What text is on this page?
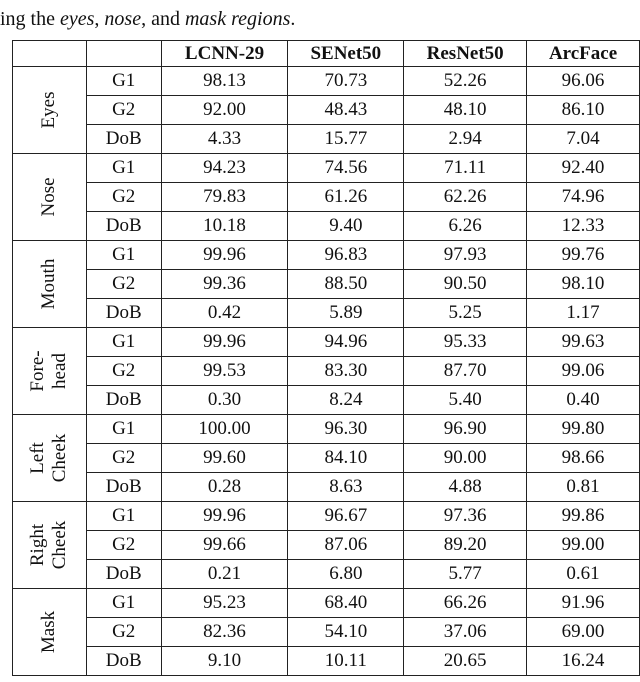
ing the eyes, nose, and mask regions.
		LCNN-29	SENet50	ResNet50	ArcFace

Eyes	G1	98.13	70.73	52.26	96.06
	G2	92.00	48.43	48.10	86.10
	DoB	4.33	15.77	2.94	7.04

Nose	G1	94.23	74.56	71.11	92.40
	G2	79.83	61.26	62.26	74.96
	DoB	10.18	9.40	6.26	12.33

Mouth	G1	99.96	96.83	97.93	99.76
	G2	99.36	88.50	90.50	98.10
	DoB	0.42	5.89	5.25	1.17

Fore-
head	G1	99.96	94.96	95.33	99.63
	G2	99.53	83.30	87.70	99.06
	DoB	0.30	8.24	5.40	0.40

Left
Cheek	G1	100.00	96.30	96.90	99.80
	G2	99.60	84.10	90.00	98.66
	DoB	0.28	8.63	4.88	0.81

Right
Cheek	G1	99.96	96.67	97.36	99.86
	G2	99.66	87.06	89.20	99.00
	DoB	0.21	6.80	5.77	0.61

Mask	G1	95.23	68.40	66.26	91.96
	G2	82.36	54.10	37.06	69.00
	DoB	9.10	10.11	20.65	16.24
